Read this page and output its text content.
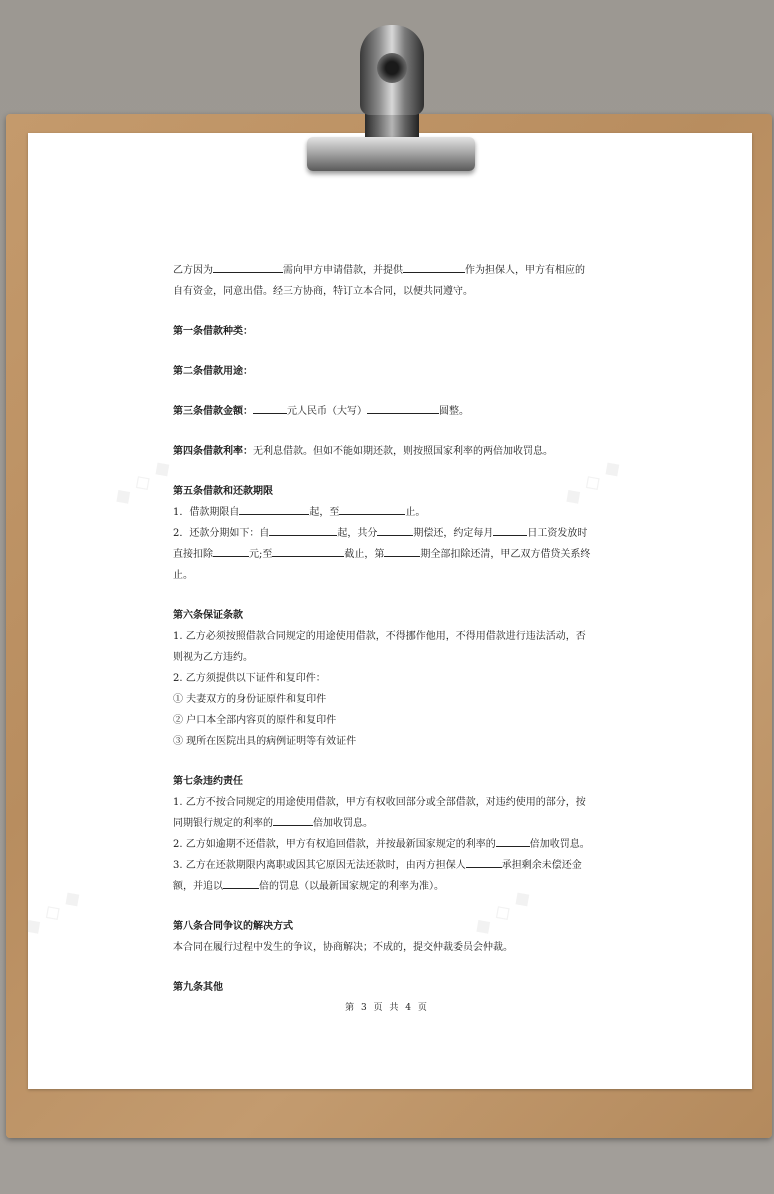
◆ ◇ ◆	◆ ◇ ◆
◆ ◇ ◆	◆ ◇ ◆

乙方因为	需向甲方申请借款，并提供	作为担保人，甲方有相应的

自有资金，同意出借。经三方协商，特订立本合同，以便共同遵守。

第一条借款种类：

第二条借款用途：

第三条借款金额：	元人民币（大写）	圆整。

第四条借款利率：无利息借款。但如不能如期还款，则按照国家利率的两倍加收罚息。

第五条借款和还款期限

1．借款期限自	起，至	止。

2．还款分期如下：自	起，共分	期偿还，约定每月	日工资发放时

直接扣除	元;至	截止，第	期全部扣除还清，甲乙双方借贷关系终

止。

第六条保证条款

1. 乙方必须按照借款合同规定的用途使用借款，不得挪作他用，不得用借款进行违法活动，否

则视为乙方违约。

2. 乙方须提供以下证件和复印件：

① 夫妻双方的身份证原件和复印件

② 户口本全部内容页的原件和复印件

③ 现所在医院出具的病例证明等有效证件

第七条违约责任

1. 乙方不按合同规定的用途使用借款，甲方有权收回部分或全部借款，对违约使用的部分，按

同期银行规定的利率的	倍加收罚息。

2. 乙方如逾期不还借款，甲方有权追回借款，并按最新国家规定的利率的	倍加收罚息。

3. 乙方在还款期限内离职或因其它原因无法还款时，由丙方担保人	承担剩余未偿还金

额，并追以	倍的罚息（以最新国家规定的利率为准）。

第八条合同争议的解决方式

本合同在履行过程中发生的争议，协商解决；不成的，提交仲裁委员会仲裁。

第九条其他

第 3 页 共 4 页
